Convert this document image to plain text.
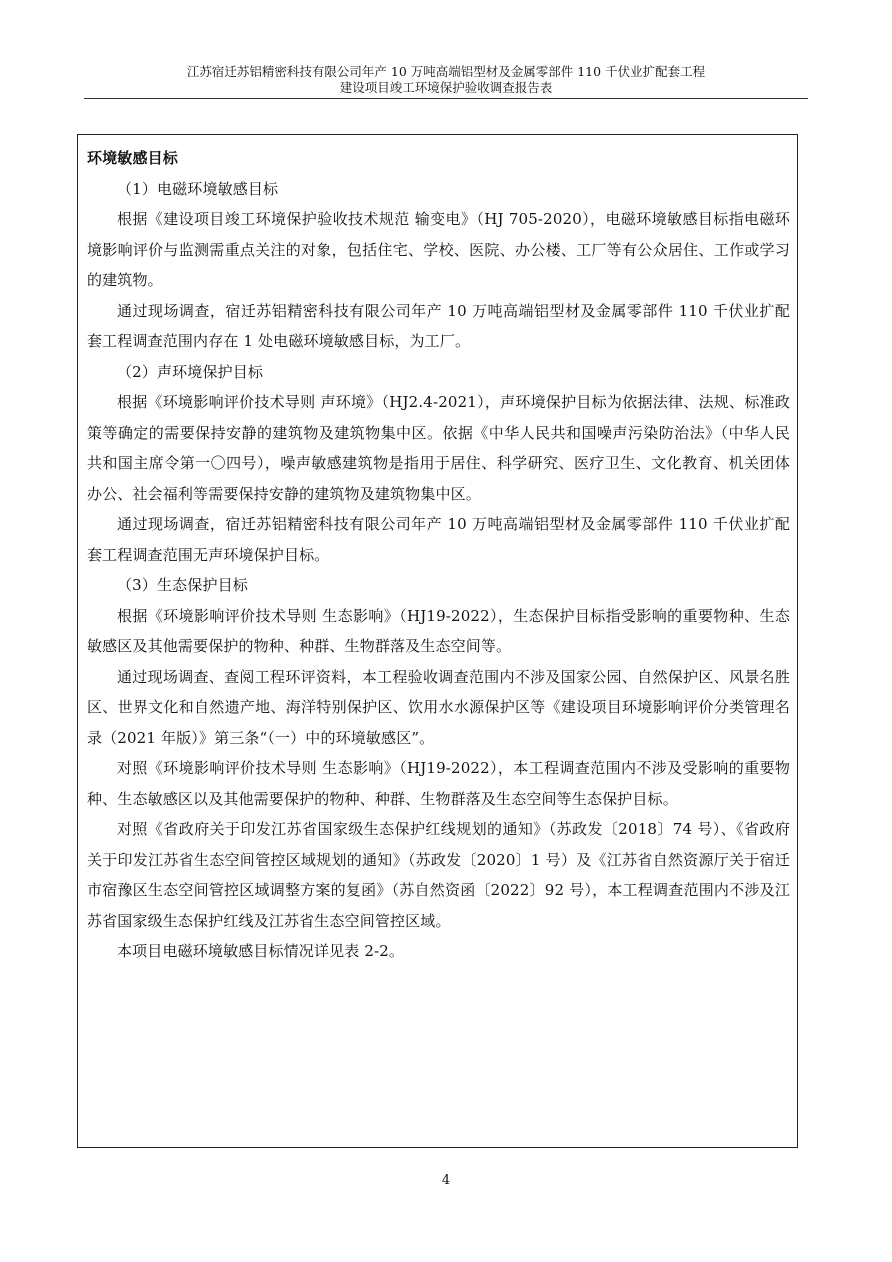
江苏宿迁苏铝精密科技有限公司年产 10 万吨高端铝型材及金属零部件 110 千伏业扩配套工程
建设项目竣工环境保护验收调查报告表

环境敏感目标

（1）电磁环境敏感目标

根据《建设项目竣工环境保护验收技术规范 输变电》（HJ 705-2020），电磁环境敏感目标指电磁环境影响评价与监测需重点关注的对象，包括住宅、学校、医院、办公楼、工厂等有公众居住、工作或学习的建筑物。

通过现场调查，宿迁苏铝精密科技有限公司年产 10 万吨高端铝型材及金属零部件 110 千伏业扩配套工程调查范围内存在 1 处电磁环境敏感目标，为工厂。

（2）声环境保护目标

根据《环境影响评价技术导则 声环境》（HJ2.4-2021），声环境保护目标为依据法律、法规、标准政策等确定的需要保持安静的建筑物及建筑物集中区。依据《中华人民共和国噪声污染防治法》（中华人民共和国主席令第一〇四号），噪声敏感建筑物是指用于居住、科学研究、医疗卫生、文化教育、机关团体办公、社会福利等需要保持安静的建筑物及建筑物集中区。

通过现场调查，宿迁苏铝精密科技有限公司年产 10 万吨高端铝型材及金属零部件 110 千伏业扩配套工程调查范围无声环境保护目标。

（3）生态保护目标

根据《环境影响评价技术导则 生态影响》（HJ19-2022），生态保护目标指受影响的重要物种、生态敏感区及其他需要保护的物种、种群、生物群落及生态空间等。

通过现场调查、查阅工程环评资料，本工程验收调查范围内不涉及国家公园、自然保护区、风景名胜区、世界文化和自然遗产地、海洋特别保护区、饮用水水源保护区等《建设项目环境影响评价分类管理名录（2021 年版）》第三条“（一）中的环境敏感区”。

对照《环境影响评价技术导则 生态影响》（HJ19-2022），本工程调查范围内不涉及受影响的重要物种、生态敏感区以及其他需要保护的物种、种群、生物群落及生态空间等生态保护目标。

对照《省政府关于印发江苏省国家级生态保护红线规划的通知》（苏政发〔2018〕74 号）、《省政府关于印发江苏省生态空间管控区域规划的通知》（苏政发〔2020〕1 号）及《江苏省自然资源厅关于宿迁市宿豫区生态空间管控区域调整方案的复函》（苏自然资函〔2022〕92 号），本工程调查范围内不涉及江苏省国家级生态保护红线及江苏省生态空间管控区域。

本项目电磁环境敏感目标情况详见表 2-2。

4
